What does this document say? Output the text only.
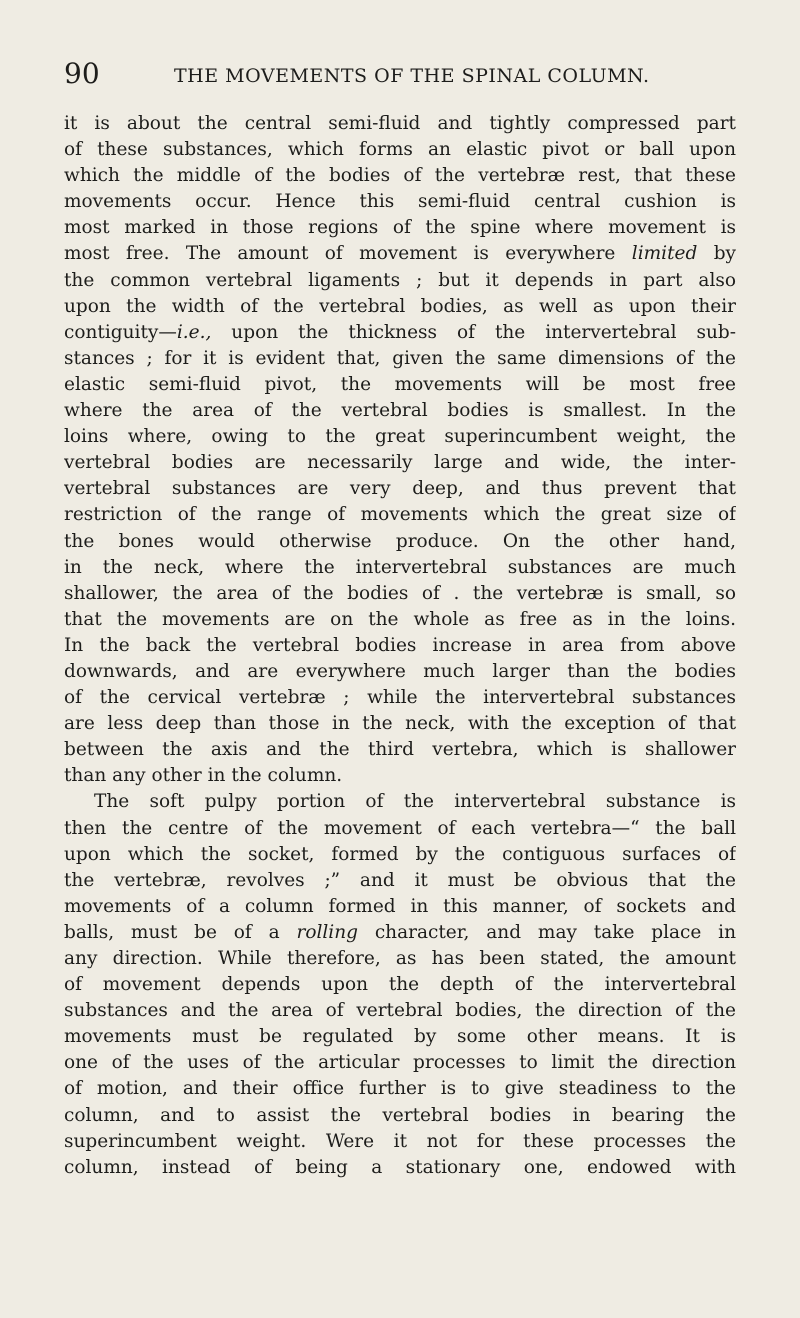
90	THE MOVEMENTS OF THE SPINAL COLUMN.
it is about the central semi-fluid and tightly compressed part
of these substances, which forms an elastic pivot or ball upon
which the middle of the bodies of the vertebræ rest, that these
movements occur. Hence this semi-fluid central cushion is
most marked in those regions of the spine where movement is
most free. The amount of movement is everywhere limited by
the common vertebral ligaments ; but it depends in part also
upon the width of the vertebral bodies, as well as upon their
contiguity—i.e., upon the thickness of the intervertebral sub-
stances ; for it is evident that, given the same dimensions of the
elastic semi-fluid pivot, the movements will be most free
where the area of the vertebral bodies is smallest. In the
loins where, owing to the great superincumbent weight, the
vertebral bodies are necessarily large and wide, the inter-
vertebral substances are very deep, and thus prevent that
restriction of the range of movements which the great size of
the bones would otherwise produce. On the other hand,
in the neck, where the intervertebral substances are much
shallower, the area of the bodies of . the vertebræ is small, so
that the movements are on the whole as free as in the loins.
In the back the vertebral bodies increase in area from above
downwards, and are everywhere much larger than the bodies
of the cervical vertebræ ; while the intervertebral substances
are less deep than those in the neck, with the exception of that
between the axis and the third vertebra, which is shallower
than any other in the column.
The soft pulpy portion of the intervertebral substance is
then the centre of the movement of each vertebra—“ the ball
upon which the socket, formed by the contiguous surfaces of
the vertebræ, revolves ;” and it must be obvious that the
movements of a column formed in this manner, of sockets and
balls, must be of a rolling character, and may take place in
any direction. While therefore, as has been stated, the amount
of movement depends upon the depth of the intervertebral
substances and the area of vertebral bodies, the direction of the
movements must be regulated by some other means. It is
one of the uses of the articular processes to limit the direction
of motion, and their office further is to give steadiness to the
column, and to assist the vertebral bodies in bearing the
superincumbent weight. Were it not for these processes the
column, instead of being a stationary one, endowed with
